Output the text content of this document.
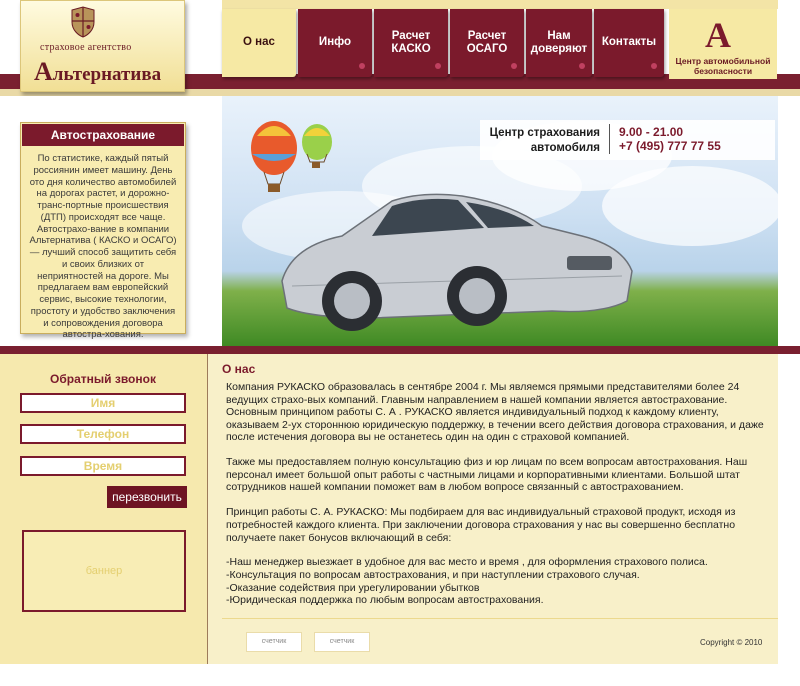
страховое агентство
Альтернатива
О нас	Инфо
Расчет
КАСКО
Расчет
ОСАГО
Нам
доверяют
Контакты А
Центр автомобильной безопасности
Автострахование
По статистике, каждый пятый россиянин имеет машину. День ото дня количество автомобилей на дорогах растет, и дорожно-транс-портные происшествия (ДТП) происходят все чаще. Автострахо-вание в компании Альтернатива ( КАСКО и ОСАГО) — лучший способ защитить себя и своих близких от неприятностей на дороге. Мы предлагаем вам европейский сервис, высокие технологии, простоту и удобство заключения и сопровождения договора автостра-хования.
Центр страхования
автомобиля
9.00 - 21.00
+7 (495) 777 77 55
Обратный звонок
Имя
Телефон
Время
перезвонить
баннер
О нас

Компания РУКАСКО образовалась в сентябре 2004 г. Мы являемся прямыми представителями более 24 ведущих страхо-вых компаний. Главным направлением в нашей компании является автострахование. Основным принципом работы С. А . РУКАСКО является индивидуальный подход к каждому клиенту, оказываем 2-ух стороннюю юридическую поддержку, в течении всего действия договора страхования, и даже после истечения договора вы не останетесь один на один с страховой компанией.

Также мы предоставляем полную консультацию физ и юр лицам по всем вопросам автострахования. Наш персонал имеет большой опыт работы с частными лицами и корпоративными клиентами. Большой штат сотрудников нашей компании поможет вам в любом вопросе связанный с автострахованием.

Принцип работы С. А. РУКАСКО: Мы подбираем для вас индивидуальный страховой продукт, исходя из потребностей каждого клиента. При заключении договора страхования у нас вы совершенно бесплатно получаете пакет бонусов включающий в себя:

-Наш менеджер выезжает в удобное для вас место и время , для оформления страхового полиса.
-Консультация по вопросам автострахования, и при наступлении страхового случая.
-Оказание содействия при урегулировании убытков
-Юридическая поддержка по любым вопросам автострахования.
счетчик	счетчик	Copyright © 2010
